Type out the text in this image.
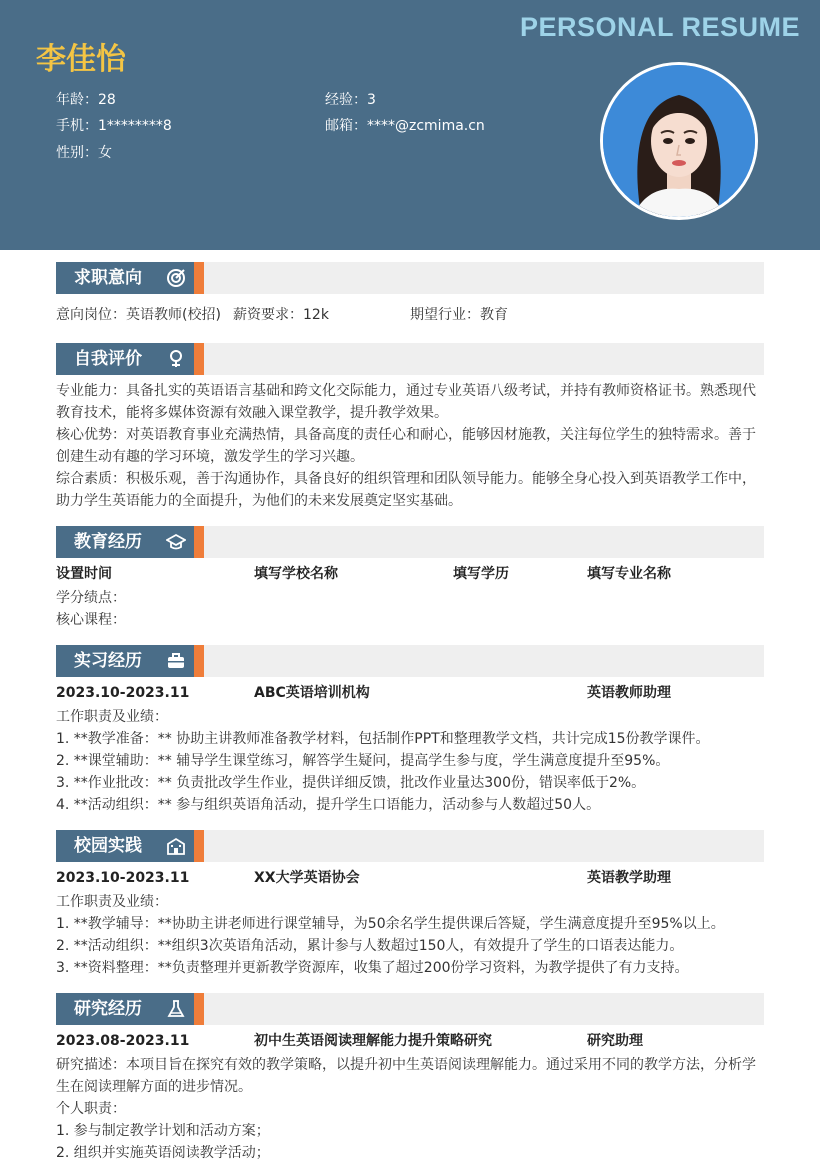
PERSONAL RESUME
李佳怡
年龄：28	经验：3
手机：1********8	邮箱：****@zcmima.cn
性别：女
求职意向
意向岗位：英语教师(校招) 薪资要求：12k	期望行业：教育
自我评价
专业能力：具备扎实的英语语言基础和跨文化交际能力，通过专业英语八级考试，并持有教师资格证书。熟悉现代
教育技术，能将多媒体资源有效融入课堂教学，提升教学效果。
核心优势：对英语教育事业充满热情，具备高度的责任心和耐心，能够因材施教，关注每位学生的独特需求。善于
创建生动有趣的学习环境，激发学生的学习兴趣。
综合素质：积极乐观，善于沟通协作，具备良好的组织管理和团队领导能力。能够全身心投入到英语教学工作中，
助力学生英语能力的全面提升，为他们的未来发展奠定坚实基础。
教育经历
设置时间	填写学校名称	填写学历	填写专业名称
学分绩点：
核心课程：
实习经历
2023.10-2023.11	ABC英语培训机构	英语教师助理
工作职责及业绩：
1. **教学准备：** 协助主讲教师准备教学材料，包括制作PPT和整理教学文档，共计完成15份教学课件。
2. **课堂辅助：** 辅导学生课堂练习，解答学生疑问，提高学生参与度，学生满意度提升至95%。
3. **作业批改：** 负责批改学生作业，提供详细反馈，批改作业量达300份，错误率低于2%。
4. **活动组织：** 参与组织英语角活动，提升学生口语能力，活动参与人数超过50人。
校园实践
2023.10-2023.11	XX大学英语协会	英语教学助理
工作职责及业绩：
1. **教学辅导：**协助主讲老师进行课堂辅导，为50余名学生提供课后答疑，学生满意度提升至95%以上。
2. **活动组织：**组织3次英语角活动，累计参与人数超过150人，有效提升了学生的口语表达能力。
3. **资料整理：**负责整理并更新教学资源库，收集了超过200份学习资料，为教学提供了有力支持。
研究经历
2023.08-2023.11	初中生英语阅读理解能力提升策略研究	研究助理
研究描述：本项目旨在探究有效的教学策略，以提升初中生英语阅读理解能力。通过采用不同的教学方法，分析学
生在阅读理解方面的进步情况。
个人职责：
1. 参与制定教学计划和活动方案；
2. 组织并实施英语阅读教学活动；
